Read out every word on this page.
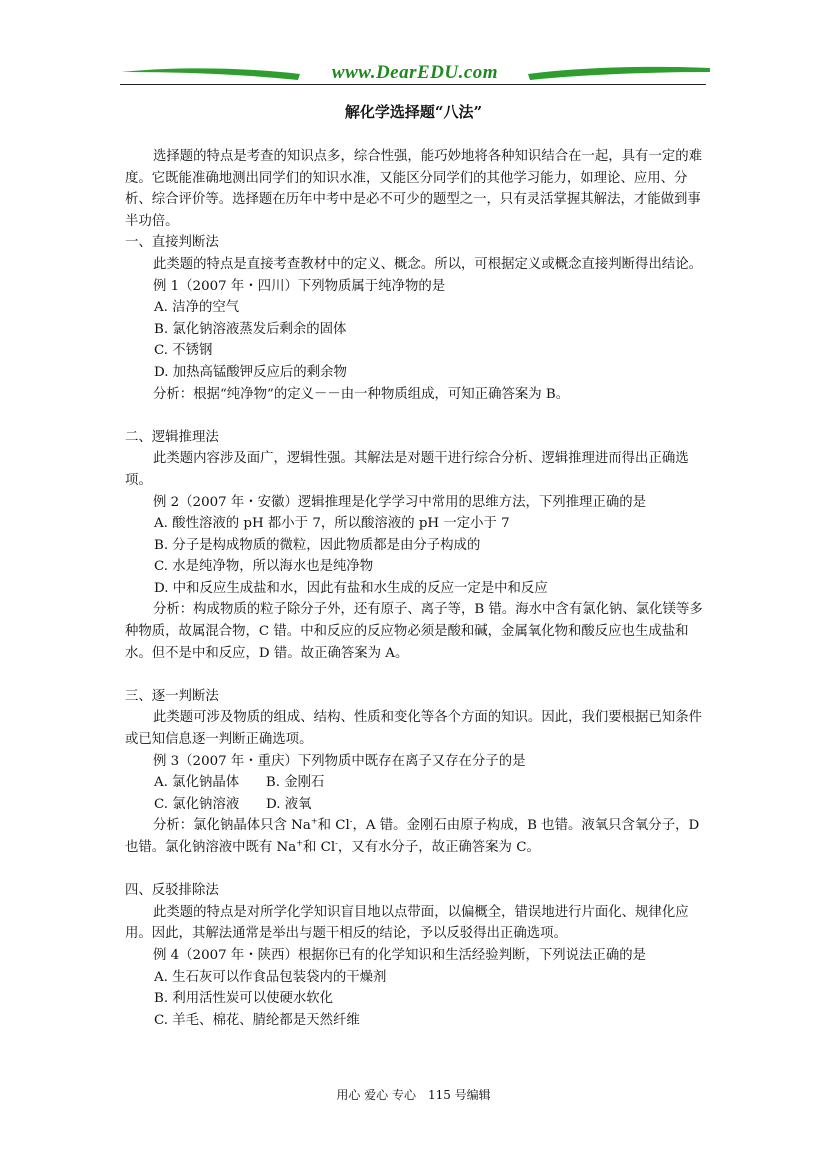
www.DearEDU.com
解化学选择题“八法”

选择题的特点是考查的知识点多，综合性强，能巧妙地将各种知识结合在一起，具有一定的难度。它既能准确地测出同学们的知识水准，又能区分同学们的其他学习能力，如理论、应用、分析、综合评价等。选择题在历年中考中是必不可少的题型之一，只有灵活掌握其解法，才能做到事半功倍。

一、直接判断法

此类题的特点是直接考查教材中的定义、概念。所以，可根据定义或概念直接判断得出结论。

例 1（2007 年・四川）下列物质属于纯净物的是

A. 洁净的空气

B. 氯化钠溶液蒸发后剩余的固体

C. 不锈钢

D. 加热高锰酸钾反应后的剩余物

分析：根据“纯净物”的定义－－由一种物质组成，可知正确答案为 B。

二、逻辑推理法

此类题内容涉及面广，逻辑性强。其解法是对题干进行综合分析、逻辑推理进而得出正确选项。

例 2（2007 年・安徽）逻辑推理是化学学习中常用的思维方法，下列推理正确的是

A. 酸性溶液的 pH 都小于 7，所以酸溶液的 pH 一定小于 7

B. 分子是构成物质的微粒，因此物质都是由分子构成的

C. 水是纯净物，所以海水也是纯净物

D. 中和反应生成盐和水，因此有盐和水生成的反应一定是中和反应

分析：构成物质的粒子除分子外，还有原子、离子等，B 错。海水中含有氯化钠、氯化镁等多种物质，故属混合物，C 错。中和反应的反应物必须是酸和碱，金属氧化物和酸反应也生成盐和水。但不是中和反应，D 错。故正确答案为 A。

三、逐一判断法

此类题可涉及物质的组成、结构、性质和变化等各个方面的知识。因此，我们要根据已知条件或已知信息逐一判断正确选项。

例 3（2007 年・重庆）下列物质中既存在离子又存在分子的是

A. 氯化钠晶体　　B. 金刚石

C. 氯化钠溶液　　D. 液氧

分析：氯化钠晶体只含 Na+和 Cl-，A 错。金刚石由原子构成，B 也错。液氧只含氧分子，D 也错。氯化钠溶液中既有 Na+和 Cl-，又有水分子，故正确答案为 C。

四、反驳排除法

此类题的特点是对所学化学知识盲目地以点带面，以偏概全，错误地进行片面化、规律化应用。因此，其解法通常是举出与题干相反的结论，予以反驳得出正确选项。

例 4（2007 年・陕西）根据你已有的化学知识和生活经验判断，下列说法正确的是

A. 生石灰可以作食品包装袋内的干燥剂

B. 利用活性炭可以使硬水软化

C. 羊毛、棉花、腈纶都是天然纤维

用心 爱心 专心　115 号编辑
